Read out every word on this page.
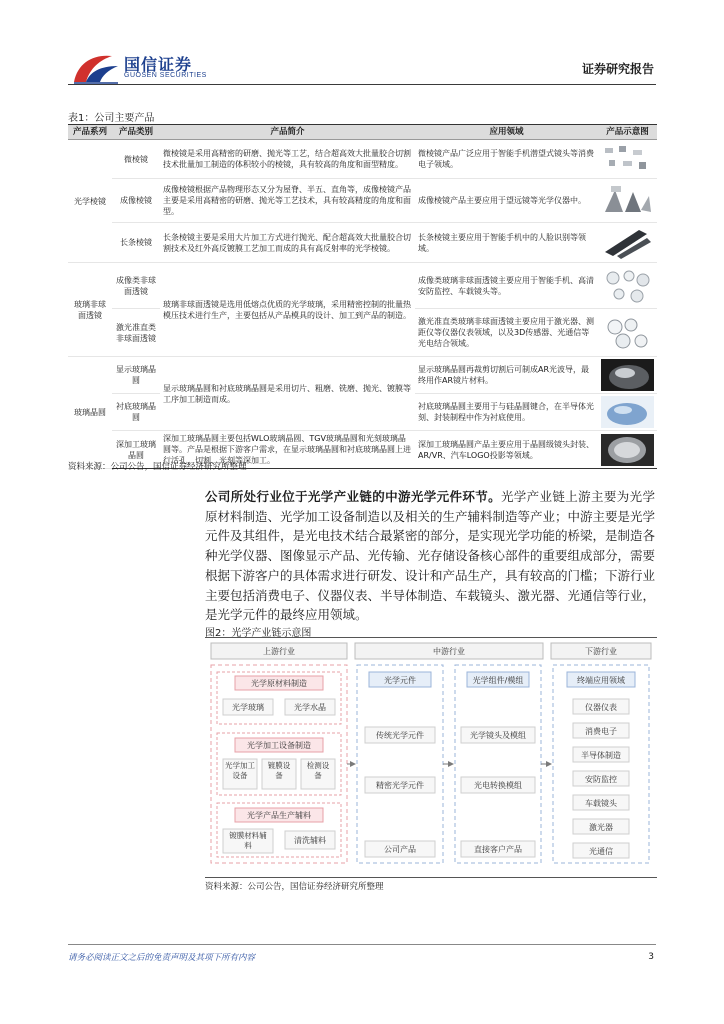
国信证券
GUOSEN SECURITIES	证券研究报告
表1：公司主要产品
产品系列	产品类别	产品简介	应用领域	产品示意图
光学棱镜	微棱镜	微棱镜是采用高精密的研磨、抛光等工艺，结合超高效大批量胶合切割技术批量加工制造的体积较小的棱镜，具有较高的角度和面型精度。	微棱镜产品广泛应用于智能手机潜望式镜头等消费电子领域。	

	成像棱镜	成像棱镜根据产品物理形态又分为屋脊、半五、直角等，成像棱镜产品主要是采用高精密的研磨、抛光等工艺技术，具有较高精度的角度和面型。	成像棱镜产品主要应用于望远镜等光学仪器中。	

	长条棱镜	长条棱镜主要是采用大片加工方式进行抛光、配合超高效大批量胶合切割技术及红外高反镀膜工艺加工而成的具有高反射率的光学棱镜。	长条棱镜主要应用于智能手机中的人脸识别等领域。	

玻璃非球面透镜	成像类非球面透镜	玻璃非球面透镜是选用低熔点优质的光学玻璃，采用精密控制的批量热模压技术进行生产，主要包括从产品模具的设计、加工到产品的制造。	成像类玻璃非球面透镜主要应用于智能手机、高清安防监控、车载镜头等。	

	激光准直类非球面透镜		激光准直类玻璃非球面透镜主要应用于激光器、测距仪等仪器仪表领域，以及3D传感器、光通信等光电结合领域。	

玻璃晶圆	显示玻璃晶圆	显示玻璃晶圆和衬底玻璃晶圆是采用切片、粗磨、铣磨、抛光、镀膜等工序加工制造而成。	显示玻璃晶圆再裁剪切割后可制成AR光波导，最终用作AR镜片材料。	

	衬底玻璃晶圆		衬底玻璃晶圆主要用于与硅晶圆键合，在半导体光刻、封装制程中作为衬底使用。	

	深加工玻璃晶圆	深加工玻璃晶圆主要包括WLO玻璃晶圆、TGV玻璃晶圆和光刻玻璃晶圆等。产品是根据下游客户需求，在显示玻璃晶圆和衬底玻璃晶圆上进行活孔、切割、光刻等深加工。	深加工玻璃晶圆产品主要应用于晶圆级镜头封装、AR/VR、汽车LOGO投影等领域。	
资料来源：公司公告，国信证券经济研究所整理
公司所处行业位于光学产业链的中游光学元件环节。光学产业链上游主要为光学原材料制造、光学加工设备制造以及相关的生产辅料制造等产业；中游主要是光学元件及其组件，是光电技术结合最紧密的部分，是实现光学功能的桥梁，是制造各种光学仪器、图像显示产品、光传输、光存储设备核心部件的重要组成部分，需要根据下游客户的具体需求进行研发、设计和产品生产，具有较高的门槛；下游行业主要包括消费电子、仪器仪表、半导体制造、车载镜头、激光器、光通信等行业，是光学元件的最终应用领域。
图2：光学产业链示意图
上游行业	中游行业	下游行业
光学原材料制造
光学玻璃	光学水晶
光学加工设备制造
光学加工设备
镀膜设备
检测设备
光学产品生产辅料
镀膜材料辅料
清洗辅料
光学元件
传统光学元件
精密光学元件
公司产品
光学组件/模组
光学镜头及模组
光电转换模组
直接客户产品
终端应用领域
仪器仪表
消费电子
半导体制造
安防监控
车载镜头
激光器
光通信
资料来源：公司公告，国信证券经济研究所整理
请务必阅读正文之后的免责声明及其项下所有内容	3
